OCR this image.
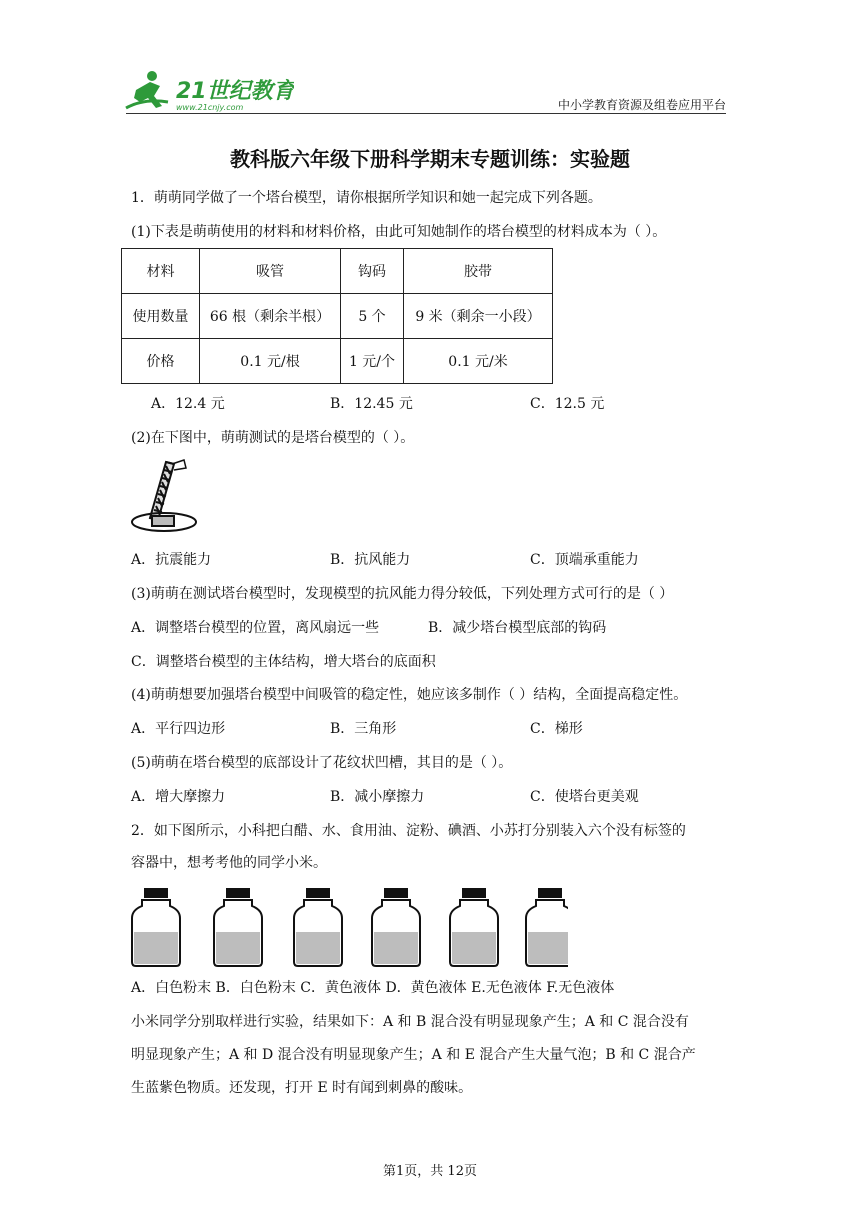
21世纪教育
www.21cnjy.com	中小学教育资源及组卷应用平台
教科版六年级下册科学期末专题训练：实验题
1．萌萌同学做了一个塔台模型，请你根据所学知识和她一起完成下列各题。
(1)下表是萌萌使用的材料和材料价格，由此可知她制作的塔台模型的材料成本为（ ）。
材料	吸管	钩码	胶带
使用数量	66 根（剩余半根）	5 个	9 米（剩余一小段）
价格	0.1 元/根	1 元/个	0.1 元/米
A．12.4 元	B．12.45 元	C．12.5 元
(2)在下图中，萌萌测试的是塔台模型的（ ）。
A．抗震能力	B．抗风能力	C．顶端承重能力
(3)萌萌在测试塔台模型时，发现模型的抗风能力得分较低，下列处理方式可行的是（ ）
A．调整塔台模型的位置，离风扇远一些	B．减少塔台模型底部的钩码
C．调整塔台模型的主体结构，增大塔台的底面积
(4)萌萌想要加强塔台模型中间吸管的稳定性，她应该多制作（ ）结构，全面提高稳定性。
A．平行四边形	B．三角形	C．梯形
(5)萌萌在塔台模型的底部设计了花纹状凹槽，其目的是（ ）。
A．增大摩擦力	B．减小摩擦力	C．使塔台更美观
2．如下图所示，小科把白醋、水、食用油、淀粉、碘酒、小苏打分别装入六个没有标签的
容器中，想考考他的同学小米。
A．白色粉末 B．白色粉末 C．黄色液体 D．黄色液体 E.无色液体 F.无色液体
小米同学分别取样进行实验，结果如下：A 和 B 混合没有明显现象产生；A 和 C 混合没有
明显现象产生；A 和 D 混合没有明显现象产生；A 和 E 混合产生大量气泡；B 和 C 混合产
生蓝紫色物质。还发现，打开 E 时有闻到刺鼻的酸味。
第1页，共 12页
